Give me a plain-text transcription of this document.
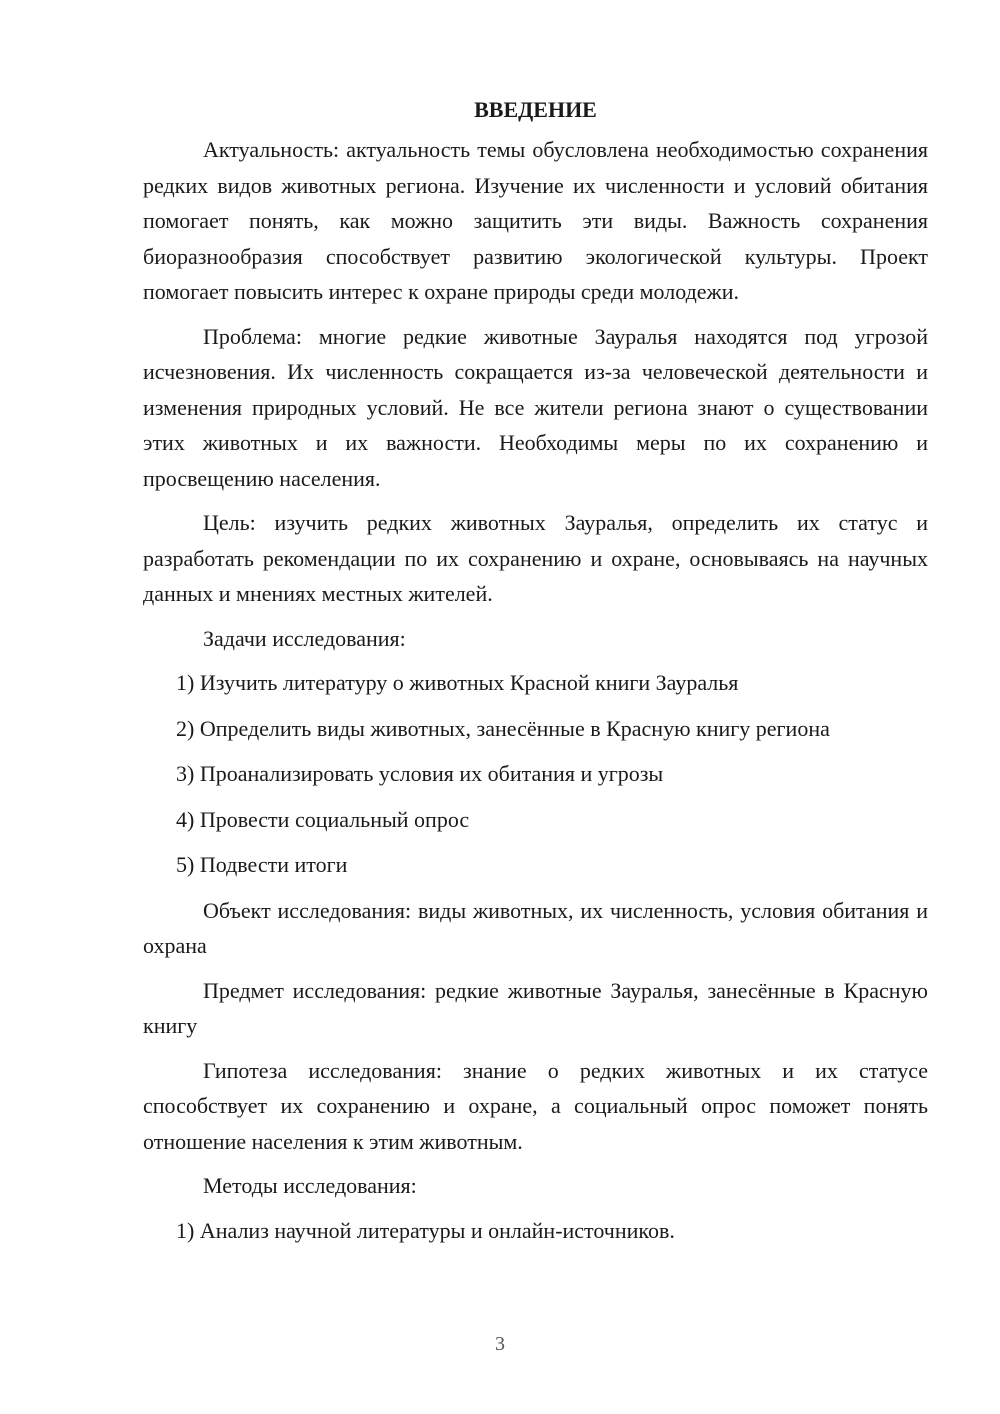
ВВЕДЕНИЕ

Актуальность: актуальность темы обусловлена необходимостью сохранения редких видов животных региона. Изучение их численности и условий обитания помогает понять, как можно защитить эти виды. Важность сохранения биоразнообразия способствует развитию экологической культуры. Проект помогает повысить интерес к охране природы среди молодежи.

Проблема: многие редкие животные Зауралья находятся под угрозой исчезновения. Их численность сокращается из-за человеческой деятельности и изменения природных условий. Не все жители региона знают о существовании этих животных и их важности. Необходимы меры по их сохранению и просвещению населения.

Цель: изучить редких животных Зауралья, определить их статус и разработать рекомендации по их сохранению и охране, основываясь на научных данных и мнениях местных жителей.

Задачи исследования:

1) Изучить литературу о животных Красной книги Зауралья
2) Определить виды животных, занесённые в Красную книгу региона
3) Проанализировать условия их обитания и угрозы
4) Провести социальный опрос
5) Подвести итоги

Объект исследования: виды животных, их численность, условия обитания и охрана

Предмет исследования: редкие животные Зауралья, занесённые в Красную книгу

Гипотеза исследования: знание о редких животных и их статусе способствует их сохранению и охране, а социальный опрос поможет понять отношение населения к этим животным.

Методы исследования:

1) Анализ научной литературы и онлайн-источников.
3
